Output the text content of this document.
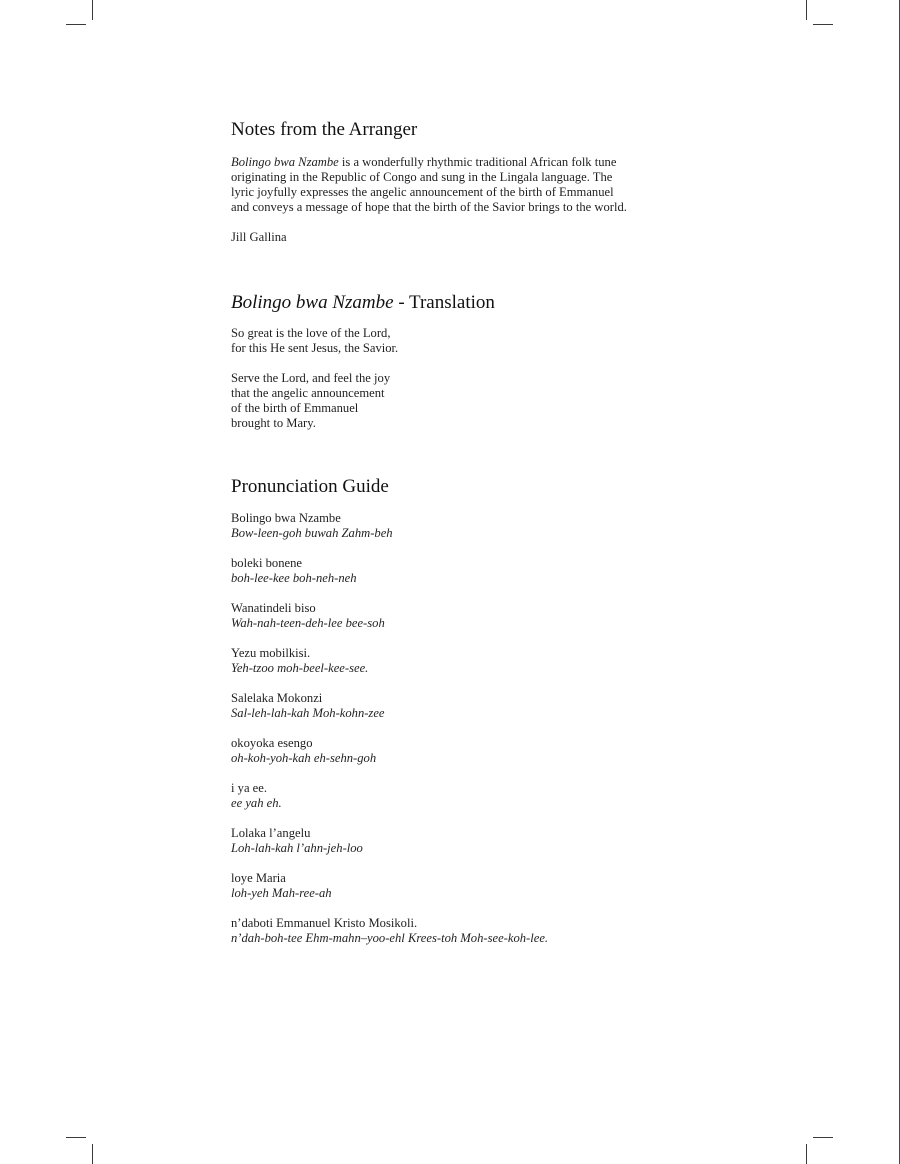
Notes from the Arranger

Bolingo bwa Nzambe is a wonderfully rhythmic traditional African folk tune
originating in the Republic of Congo and sung in the Lingala language. The
lyric joyfully expresses the angelic announcement of the birth of Emmanuel
and conveys a message of hope that the birth of the Savior brings to the world.

Jill Gallina

Bolingo bwa Nzambe - Translation

So great is the love of the Lord,
for this He sent Jesus, the Savior.

Serve the Lord, and feel the joy
that the angelic announcement
of the birth of Emmanuel
brought to Mary.

Pronunciation Guide
Bolingo bwa Nzambe
Bow-leen-goh buwah Zahm-beh
boleki bonene
boh-lee-kee boh-neh-neh
Wanatindeli biso
Wah-nah-teen-deh-lee bee-soh
Yezu mobilkisi.
Yeh-tzoo moh-beel-kee-see.
Salelaka Mokonzi
Sal-leh-lah-kah Moh-kohn-zee
okoyoka esengo
oh-koh-yoh-kah eh-sehn-goh
i ya ee.
ee yah eh.
Lolaka l’angelu
Loh-lah-kah l’ahn-jeh-loo
loye Maria
loh-yeh Mah-ree-ah
n’daboti Emmanuel Kristo Mosikoli.
n’dah-boh-tee Ehm-mahn–yoo-ehl Krees-toh Moh-see-koh-lee.
